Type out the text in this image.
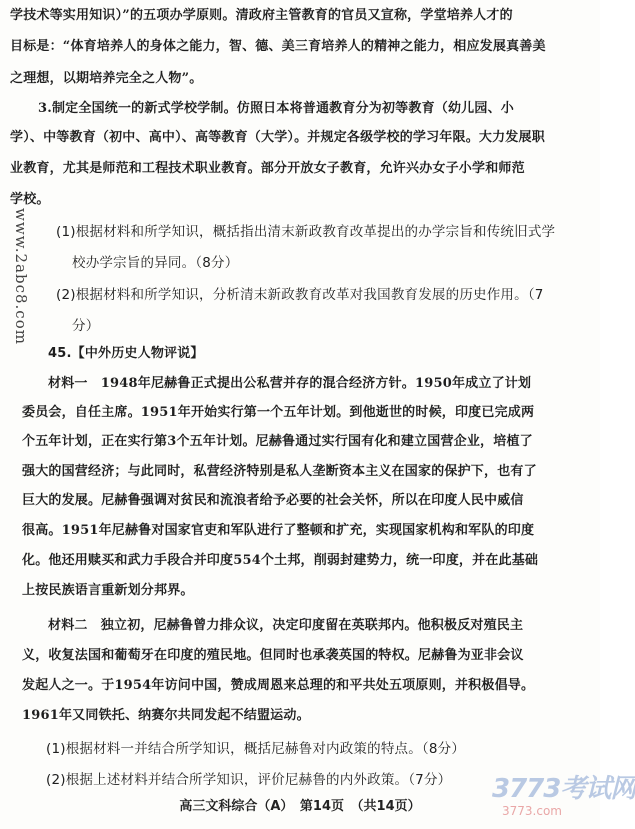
学技术等实用知识）”的五项办学原则。清政府主管教育的官员又宣称，学堂培养人才的
目标是：“体育培养人的身体之能力，智、德、美三育培养人的精神之能力，相应发展真善美
之理想，以期培养完全之人物”。
3.制定全国统一的新式学校学制。仿照日本将普通教育分为初等教育（幼儿园、小
学）、中等教育（初中、高中）、高等教育（大学）。并规定各级学校的学习年限。大力发展职
业教育，尤其是师范和工程技术职业教育。部分开放女子教育，允许兴办女子小学和师范
学校。
(1)根据材料和所学知识，概括指出清末新政教育改革提出的办学宗旨和传统旧式学
校办学宗旨的异同。（8分）
(2)根据材料和所学知识，分析清末新政教育改革对我国教育发展的历史作用。（7
分）
45.【中外历史人物评说】
材料一　1948年尼赫鲁正式提出公私营并存的混合经济方针。1950年成立了计划
委员会，自任主席。1951年开始实行第一个五年计划。到他逝世的时候，印度已完成两
个五年计划，正在实行第3个五年计划。尼赫鲁通过实行国有化和建立国营企业，培植了
强大的国营经济；与此同时，私营经济特别是私人垄断资本主义在国家的保护下，也有了
巨大的发展。尼赫鲁强调对贫民和流浪者给予必要的社会关怀，所以在印度人民中威信
很高。1951年尼赫鲁对国家官吏和军队进行了整顿和扩充，实现国家机构和军队的印度
化。他还用赎买和武力手段合并印度554个土邦，削弱封建势力，统一印度，并在此基础
上按民族语言重新划分邦界。
材料二　独立初，尼赫鲁曾力排众议，决定印度留在英联邦内。他积极反对殖民主
义，收复法国和葡萄牙在印度的殖民地。但同时也承袭英国的特权。尼赫鲁为亚非会议
发起人之一。于1954年访问中国，赞成周恩来总理的和平共处五项原则，并积极倡导。
1961年又同铁托、纳赛尔共同发起不结盟运动。
(1)根据材料一并结合所学知识，概括尼赫鲁对内政策的特点。（8分）
(2)根据上述材料并结合所学知识，评价尼赫鲁的内外政策。（7分）
www.2abc8.com
高三文科综合（A）　第14页　（共14页）
3773考试网
3773.com
